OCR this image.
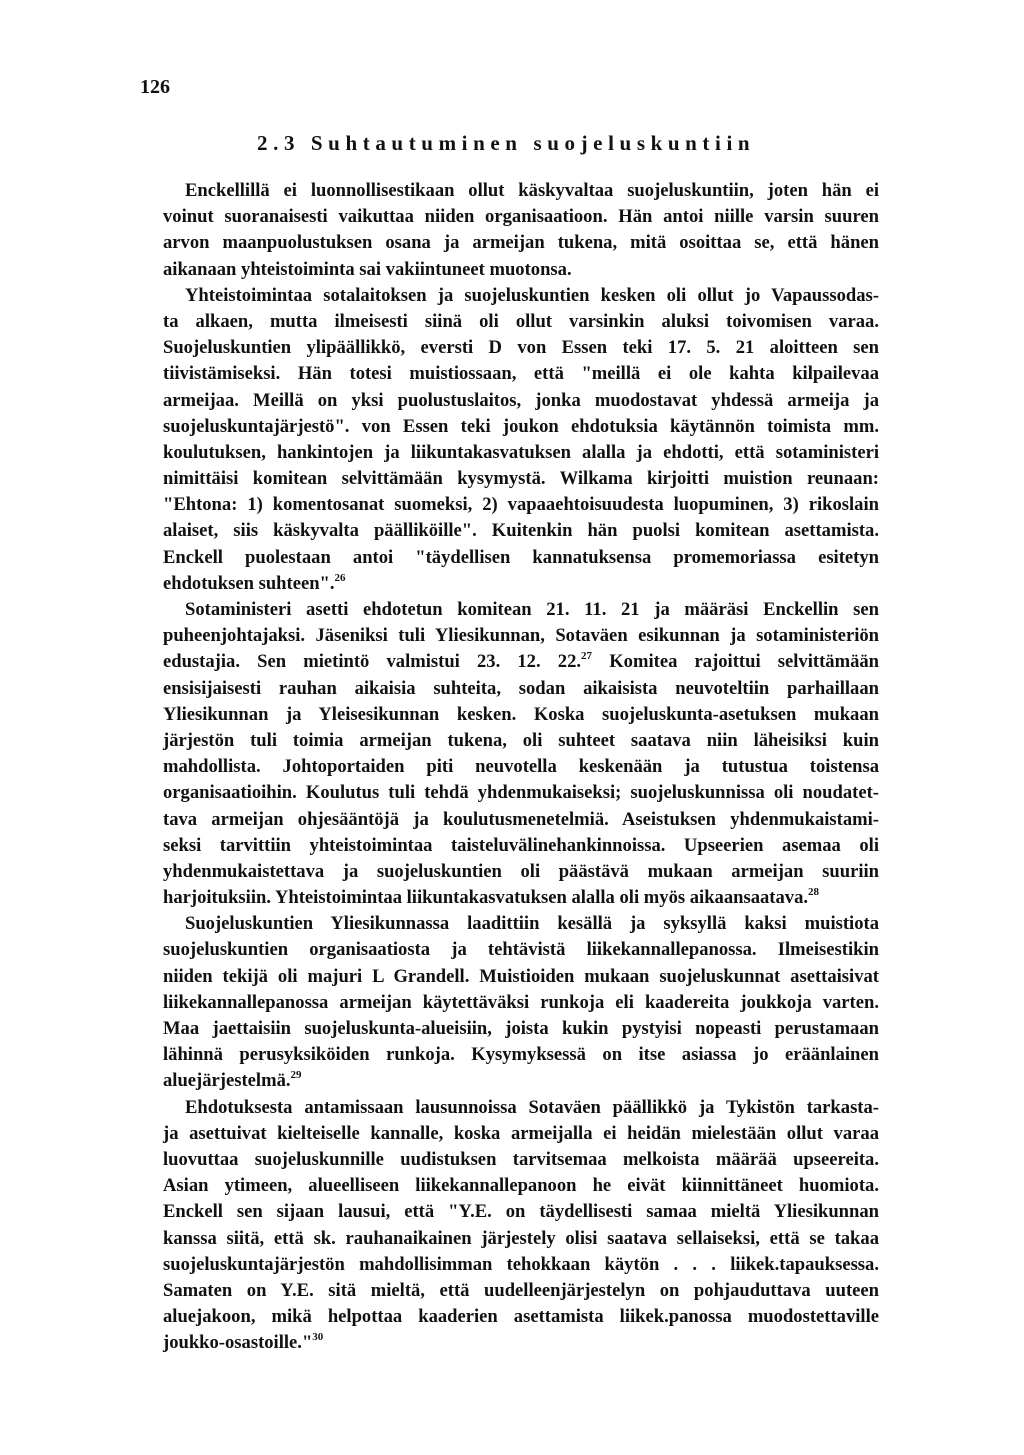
126
2.3 Suhtautuminen suojeluskuntiin
Enckellillä ei luonnollisestikaan ollut käskyvaltaa suojeluskuntiin, joten hän ei
voinut suoranaisesti vaikuttaa niiden organisaatioon. Hän antoi niille varsin suuren
arvon maanpuolustuksen osana ja armeijan tukena, mitä osoittaa se, että hänen
aikanaan yhteistoiminta sai vakiintuneet muotonsa.
Yhteistoimintaa sotalaitoksen ja suojeluskuntien kesken oli ollut jo Vapaussodas-
ta alkaen, mutta ilmeisesti siinä oli ollut varsinkin aluksi toivomisen varaa.
Suojeluskuntien ylipäällikkö, eversti D von Essen teki 17. 5. 21 aloitteen sen
tiivistämiseksi. Hän totesi muistiossaan, että "meillä ei ole kahta kilpailevaa
armeijaa. Meillä on yksi puolustuslaitos, jonka muodostavat yhdessä armeija ja
suojeluskuntajärjestö". von Essen teki joukon ehdotuksia käytännön toimista mm.
koulutuksen, hankintojen ja liikuntakasvatuksen alalla ja ehdotti, että sotaministeri
nimittäisi komitean selvittämään kysymystä. Wilkama kirjoitti muistion reunaan:
"Ehtona: 1) komentosanat suomeksi, 2) vapaaehtoisuudesta luopuminen, 3) rikoslain
alaiset, siis käskyvalta päälliköille". Kuitenkin hän puolsi komitean asettamista.
Enckell puolestaan antoi "täydellisen kannatuksensa promemoriassa esitetyn
ehdotuksen suhteen".$^{26}$
Sotaministeri asetti ehdotetun komitean 21. 11. 21 ja määräsi Enckellin sen
puheenjohtajaksi. Jäseniksi tuli Yliesikunnan, Sotaväen esikunnan ja sotaministeriön
edustajia. Sen mietintö valmistui 23. 12. 22.27 Komitea rajoittui selvittämään
ensisijaisesti rauhan aikaisia suhteita, sodan aikaisista neuvoteltiin parhaillaan
Yliesikunnan ja Yleisesikunnan kesken. Koska suojeluskunta-asetuksen mukaan
järjestön tuli toimia armeijan tukena, oli suhteet saatava niin läheisiksi kuin
mahdollista. Johtoportaiden piti neuvotella keskenään ja tutustua toistensa
organisaatioihin. Koulutus tuli tehdä yhdenmukaiseksi; suojeluskunnissa oli noudatet-
tava armeijan ohjesääntöjä ja koulutusmenetelmiä. Aseistuksen yhdenmukaistami-
seksi tarvittiin yhteistoimintaa taisteluvälinehankinnoissa. Upseerien asemaa oli
yhdenmukaistettava ja suojeluskuntien oli päästävä mukaan armeijan suuriin
harjoituksiin. Yhteistoimintaa liikuntakasvatuksen alalla oli myös aikaansaatava.$^{28}$
Suojeluskuntien Yliesikunnassa laadittiin kesällä ja syksyllä kaksi muistiota
suojeluskuntien organisaatiosta ja tehtävistä liikekannallepanossa. Ilmeisestikin
niiden tekijä oli majuri L Grandell. Muistioiden mukaan suojeluskunnat asettaisivat
liikekannallepanossa armeijan käytettäväksi runkoja eli kaadereita joukkoja varten.
Maa jaettaisiin suojeluskunta-alueisiin, joista kukin pystyisi nopeasti perustamaan
lähinnä perusyksiköiden runkoja. Kysymyksessä on itse asiassa jo eräänlainen
aluejärjestelmä.$^{29}$
Ehdotuksesta antamissaan lausunnoissa Sotaväen päällikkö ja Tykistön tarkasta-
ja asettuivat kielteiselle kannalle, koska armeijalla ei heidän mielestään ollut varaa
luovuttaa suojeluskunnille uudistuksen tarvitsemaa melkoista määrää upseereita.
Asian ytimeen, alueelliseen liikekannallepanoon he eivät kiinnittäneet huomiota.
Enckell sen sijaan lausui, että "Y.E. on täydellisesti samaa mieltä Yliesikunnan
kanssa siitä, että sk. rauhanaikainen järjestely olisi saatava sellaiseksi, että se takaa
suojeluskuntajärjestön mahdollisimman tehokkaan käytön . . . liikek.tapauksessa.
Samaten on Y.E. sitä mieltä, että uudelleenjärjestelyn on pohjauduttava uuteen
aluejakoon, mikä helpottaa kaaderien asettamista liikek.panossa muodostettaville
joukko-osastoille."$^{30}$
